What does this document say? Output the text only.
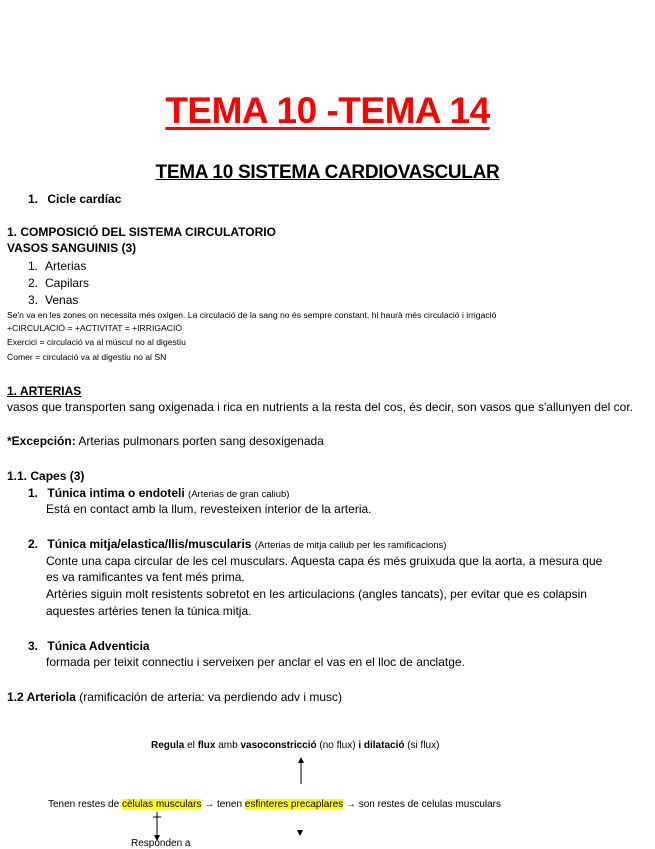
TEMA 10 -TEMA 14
TEMA 10 SISTEMA CARDIOVASCULAR
1. Cicle cardíac
1. COMPOSICIÓ DEL SISTEMA CIRCULATORIO
VASOS SANGUINIS (3)
1. Arterias
2. Capilars
3. Venas
Se'n va en les zones on necessita més oxigen. La circulació de la sang no és sempre constant, hi haurà més circulació i irrigació
+CIRCULACIÓ = +ACTIVITAT = +IRRIGACIÓ
Exercici = circulació va al múscul no al digestiu
Comer = circulació va al digestiu no al SN
1. ARTERIAS
vasos que transporten sang oxigenada i rica en nutrients a la resta del cos, és decir, son vasos que s'allunyen del cor.
*Excepción: Arterias pulmonars porten sang desoxigenada
1.1. Capes (3)
1. Túnica intima o endoteli (Arterias de gran caliub)
Está en contact amb la llum, revesteixen interior de la arteria.
2. Túnica mitja/elastica/llis/muscularis (Arterias de mitja caliub per les ramificacions)
Conte una capa circular de les cel musculars. Aquesta capa és més gruixuda que la aorta, a mesura que
es va ramificantes va fent més prima.
Artèries siguin molt resistents sobretot en les articulacions (angles tancats), per evitar que es colapsin
aquestes artèries tenen la túnica mitja.
3. Túnica Adventicia
formada per teixit connectiu i serveixen per anclar el vas en el lloc de anclatge.
1.2 Arteriola (ramificación de arteria: va perdiendo adv i musc)
Regula el flux amb vasoconstricció (no flux) i dilatació (si flux)
Tenen restes de cèlulas musculars → tenen esfinteres precaplares → son restes de celulas musculars
Responden a
